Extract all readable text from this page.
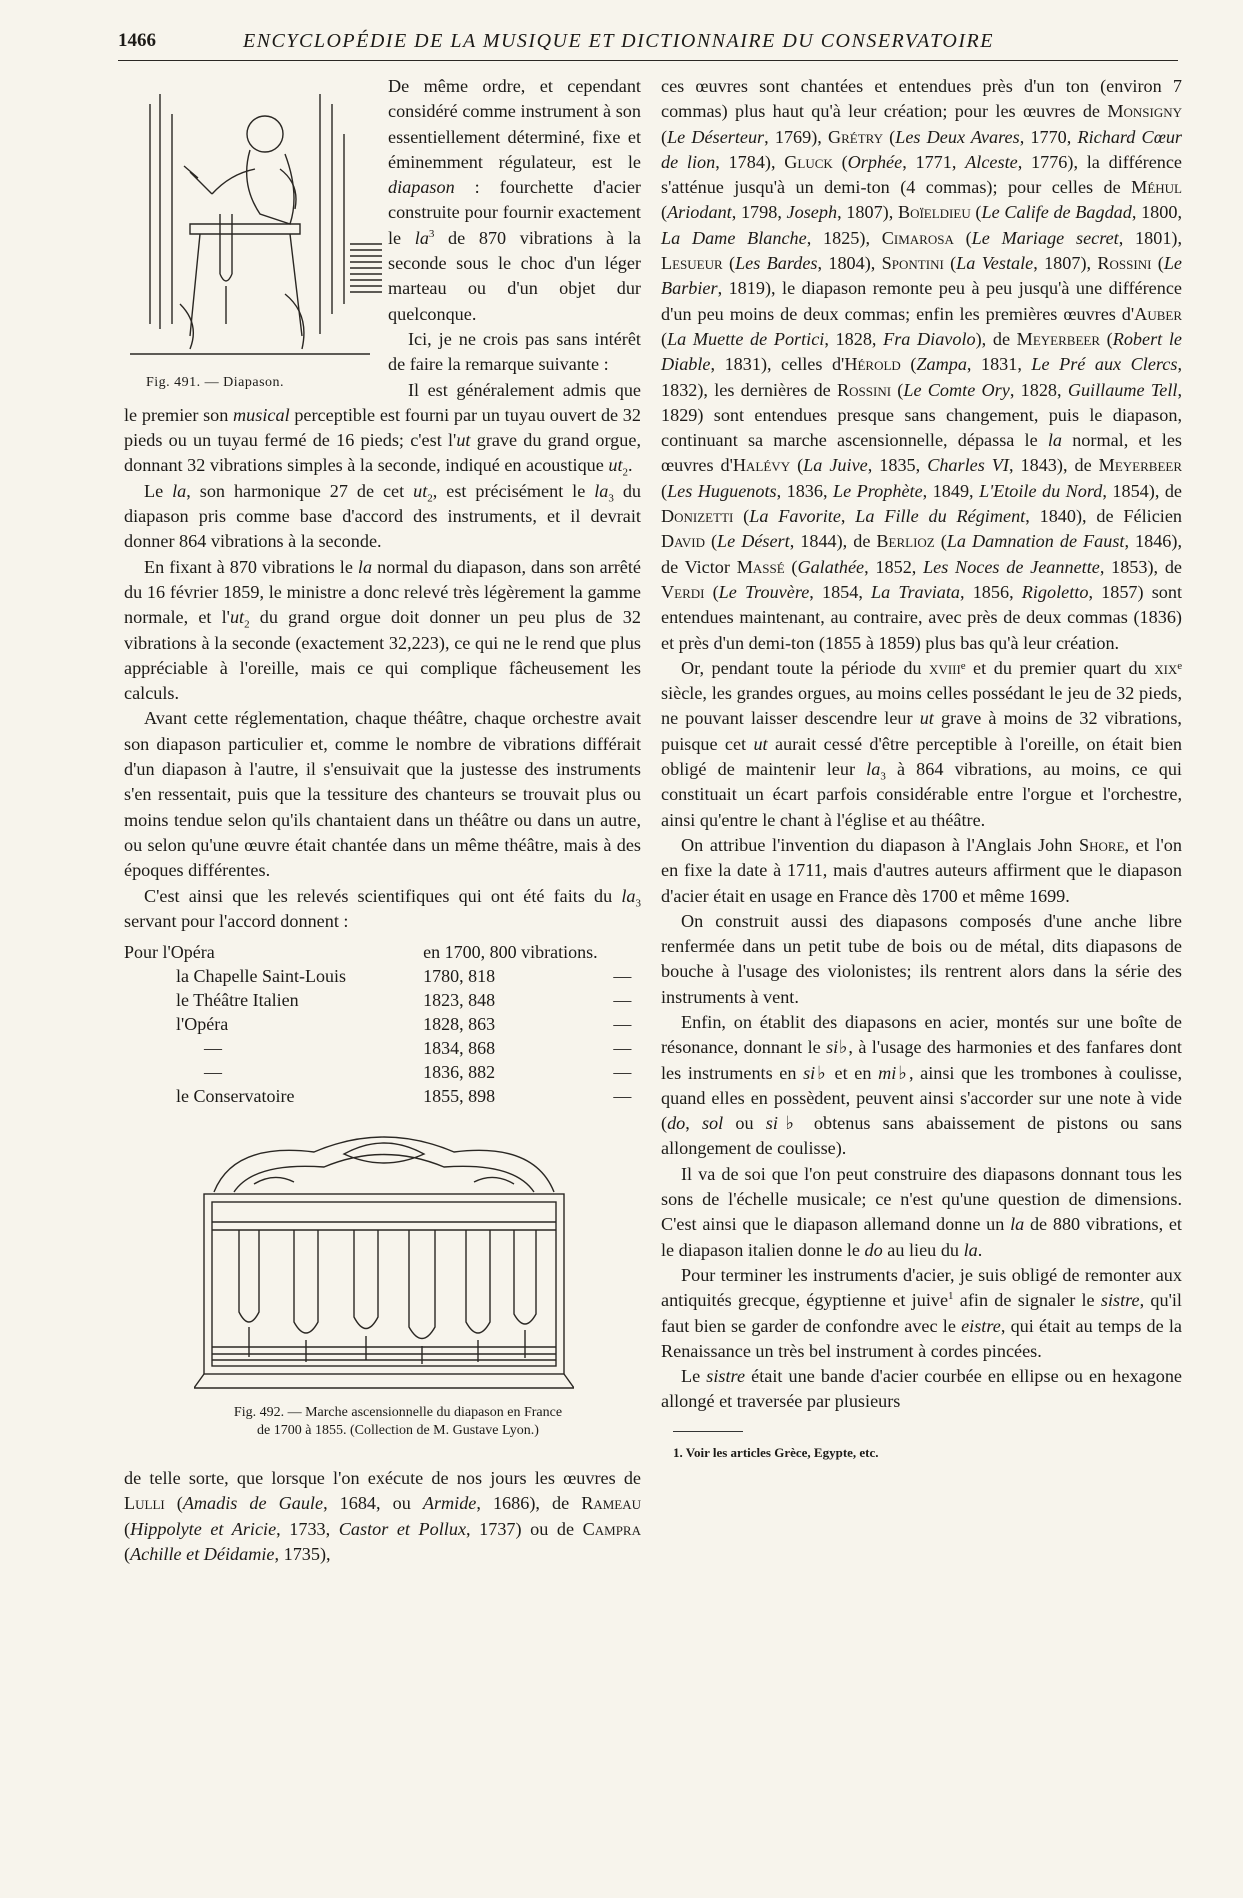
1466	ENCYCLOPÉDIE DE LA MUSIQUE ET DICTIONNAIRE DU CONSERVATOIRE
Fig. 491. — Diapason.

De même ordre, et cependant considéré comme instrument à son essentiellement déterminé, fixe et éminemment régulateur, est le diapason : fourchette d'acier construite pour fournir exactement le $la^3$ de 870 vibrations à la seconde sous le choc d'un léger marteau ou d'un objet dur quelconque.

Ici, je ne crois pas sans intérêt de faire la remarque suivante :

Il est généralement admis que le premier son musical perceptible est fourni par un tuyau ouvert de 32 pieds ou un tuyau fermé de 16 pieds; c'est l'ut grave du grand orgue, donnant 32 vibrations simples à la seconde, indiqué en acoustique $ut_2$.

Le la, son harmonique 27 de cet $ut_2$, est précisément le $la_3$ du diapason pris comme base d'accord des instruments, et il devrait donner 864 vibrations à la seconde.

En fixant à 870 vibrations le la normal du diapason, dans son arrêté du 16 février 1859, le ministre a donc relevé très légèrement la gamme normale, et $l'ut_2$ du grand orgue doit donner un peu plus de 32 vibrations à la seconde (exactement 32,223), ce qui ne le rend que plus appréciable à l'oreille, mais ce qui complique fâcheusement les calculs.

Avant cette réglementation, chaque théâtre, chaque orchestre avait son diapason particulier et, comme le nombre de vibrations différait d'un diapason à l'autre, il s'ensuivait que la justesse des instruments s'en ressentait, puis que la tessiture des chanteurs se trouvait plus ou moins tendue selon qu'ils chantaient dans un théâtre ou dans un autre, ou selon qu'une œuvre était chantée dans un même théâtre, mais à des époques différentes.

C'est ainsi que les relevés scientifiques qui ont été faits du $la_3$ servant pour l'accord donnent :

Pour l'Opéra	en 1700, 800 vibrations.	
la Chapelle Saint-Louis	1780, 818	—
le Théâtre Italien	1823, 848	—
l'Opéra	1828, 863	—
—	1834, 868	—
—	1836, 882	—
le Conservatoire	1855, 898	—
Fig. 492. — Marche ascensionnelle du diapason en France
de 1700 à 1855. (Collection de M. Gustave Lyon.)

de telle sorte, que lorsque l'on exécute de nos jours les œuvres de Lulli (Amadis de Gaule, 1684, ou Armide, 1686), de Rameau (Hippolyte et Aricie, 1733, Castor et Pollux, 1737) ou de Campra (Achille et Déidamie, 1735),

ces œuvres sont chantées et entendues près d'un ton (environ 7 commas) plus haut qu'à leur création; pour les œuvres de Monsigny (Le Déserteur, 1769), Grétry (Les Deux Avares, 1770, Richard Cœur de lion, 1784), Gluck (Orphée, 1771, Alceste, 1776), la différence s'atténue jusqu'à un demi-ton (4 commas); pour celles de Méhul (Ariodant, 1798, Joseph, 1807), Boïeldieu (Le Calife de Bagdad, 1800, La Dame Blanche, 1825), Cimarosa (Le Mariage secret, 1801), Lesueur (Les Bardes, 1804), Spontini (La Vestale, 1807), Rossini (Le Barbier, 1819), le diapason remonte peu à peu jusqu'à une différence d'un peu moins de deux commas; enfin les premières œuvres d'Auber (La Muette de Portici, 1828, Fra Diavolo), de Meyerbeer (Robert le Diable, 1831), celles d'Hérold (Zampa, 1831, Le Pré aux Clercs, 1832), les dernières de Rossini (Le Comte Ory, 1828, Guillaume Tell, 1829) sont entendues presque sans changement, puis le diapason, continuant sa marche ascensionnelle, dépassa le la normal, et les œuvres d'Halévy (La Juive, 1835, Charles VI, 1843), de Meyerbeer (Les Huguenots, 1836, Le Prophète, 1849, L'Etoile du Nord, 1854), de Donizetti (La Favorite, La Fille du Régiment, 1840), de Félicien David (Le Désert, 1844), de Berlioz (La Damnation de Faust, 1846), de Victor Massé (Galathée, 1852, Les Noces de Jeannette, 1853), de Verdi (Le Trouvère, 1854, La Traviata, 1856, Rigoletto, 1857) sont entendues maintenant, au contraire, avec près de deux commas (1836) et près d'un demi-ton (1855 à 1859) plus bas qu'à leur création.

Or, pendant toute la période du xviiiᵉ et du premier quart du xixᵉ siècle, les grandes orgues, au moins celles possédant le jeu de 32 pieds, ne pouvant laisser descendre leur ut grave à moins de 32 vibrations, puisque cet ut aurait cessé d'être perceptible à l'oreille, on était bien obligé de maintenir leur $la_3$ à 864 vibrations, au moins, ce qui constituait un écart parfois considérable entre l'orgue et l'orchestre, ainsi qu'entre le chant à l'église et au théâtre.

On attribue l'invention du diapason à l'Anglais John Shore, et l'on en fixe la date à 1711, mais d'autres auteurs affirment que le diapason d'acier était en usage en France dès 1700 et même 1699.

On construit aussi des diapasons composés d'une anche libre renfermée dans un petit tube de bois ou de métal, dits diapasons de bouche à l'usage des violonistes; ils rentrent alors dans la série des instruments à vent.

Enfin, on établit des diapasons en acier, montés sur une boîte de résonance, donnant le si♭, à l'usage des harmonies et des fanfares dont les instruments en si♭ et en mi♭, ainsi que les trombones à coulisse, quand elles en possèdent, peuvent ainsi s'accorder sur une note à vide (do, sol ou si♭ obtenus sans abaissement de pistons ou sans allongement de coulisse).

Il va de soi que l'on peut construire des diapasons donnant tous les sons de l'échelle musicale; ce n'est qu'une question de dimensions. C'est ainsi que le diapason allemand donne un la de 880 vibrations, et le diapason italien donne le do au lieu du la.

Pour terminer les instruments d'acier, je suis obligé de remonter aux antiquités grecque, égyptienne et juive$^1$ afin de signaler le sistre, qu'il faut bien se garder de confondre avec le eistre, qui était au temps de la Renaissance un très bel instrument à cordes pincées.

Le sistre était une bande d'acier courbée en ellipse ou en hexagone allongé et traversée par plusieurs

1. Voir les articles Grèce, Egypte, etc.
